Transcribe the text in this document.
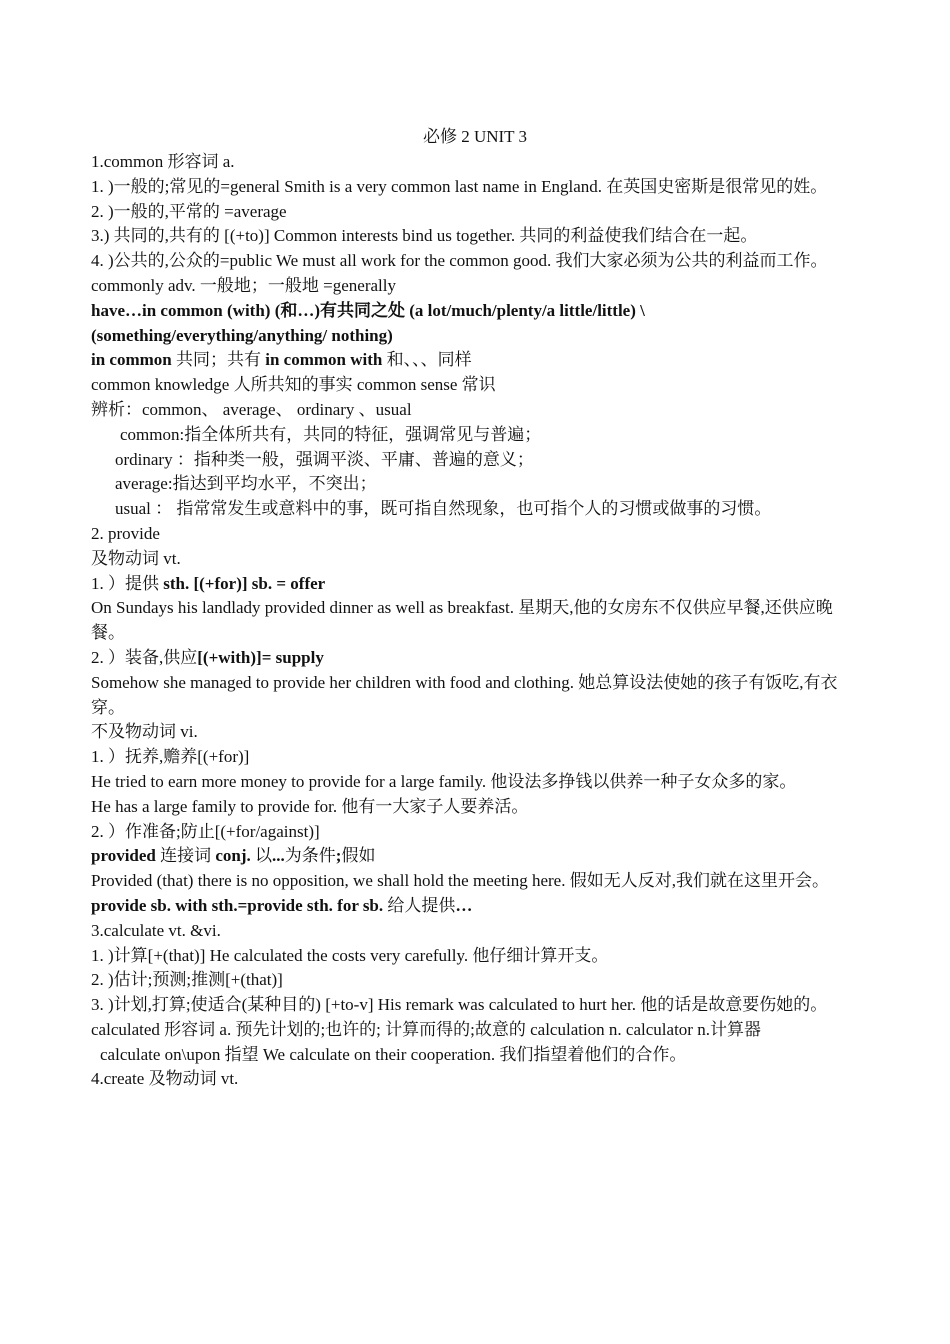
必修 2 UNIT 3
1.common 形容词 a.
1. )一般的;常见的=general Smith is a very common last name in England. 在英国史密斯是很常见的姓。
2. )一般的,平常的 =average
3.) 共同的,共有的 [(+to)] Common interests bind us together. 共同的利益使我们结合在一起。
4. )公共的,公众的=public We must all work for the common good. 我们大家必须为公共的利益而工作。
commonly adv. 一般地；一般地 =generally
have…in common (with) (和…)有共同之处 (a lot/much/plenty/a little/little) \
(something/everything/anything/ nothing)
in common 共同；共有 in common with 和、、、同样
common knowledge 人所共知的事实 common sense 常识
辨析：common、 average、 ordinary 、usual
common:指全体所共有，共同的特征，强调常见与普遍；
ordinary ：指种类一般，强调平淡、平庸、普遍的意义；
average:指达到平均水平，不突出；
usual ： 指常常发生或意料中的事，既可指自然现象，也可指个人的习惯或做事的习惯。
2. provide
及物动词 vt.
1. ）提供 sth. [(+for)] sb. = offer
On Sundays his landlady provided dinner as well as breakfast. 星期天,他的女房东不仅供应早餐,还供应晚餐。
2. ）装备,供应[(+with)]= supply
Somehow she managed to provide her children with food and clothing. 她总算设法使她的孩子有饭吃,有衣穿。
不及物动词 vi.
1. ）抚养,赡养[(+for)]
He tried to earn more money to provide for a large family. 他设法多挣钱以供养一种子女众多的家。
He has a large family to provide for. 他有一大家子人要养活。
2. ）作准备;防止[(+for/against)]
provided 连接词 conj. 以...为条件;假如
Provided (that) there is no opposition, we shall hold the meeting here. 假如无人反对,我们就在这里开会。
provide sb. with sth.=provide sth. for sb. 给人提供…
3.calculate vt. &vi.
1. )计算[+(that)] He calculated the costs very carefully. 他仔细计算开支。
2. )估计;预测;推测[+(that)]
3. )计划,打算;使适合(某种目的) [+to-v] His remark was calculated to hurt her. 他的话是故意要伤她的。
calculated 形容词 a. 预先计划的;也许的; 计算而得的;故意的 calculation n. calculator n.计算器
calculate on\upon 指望 We calculate on their cooperation. 我们指望着他们的合作。
4.create 及物动词 vt.
